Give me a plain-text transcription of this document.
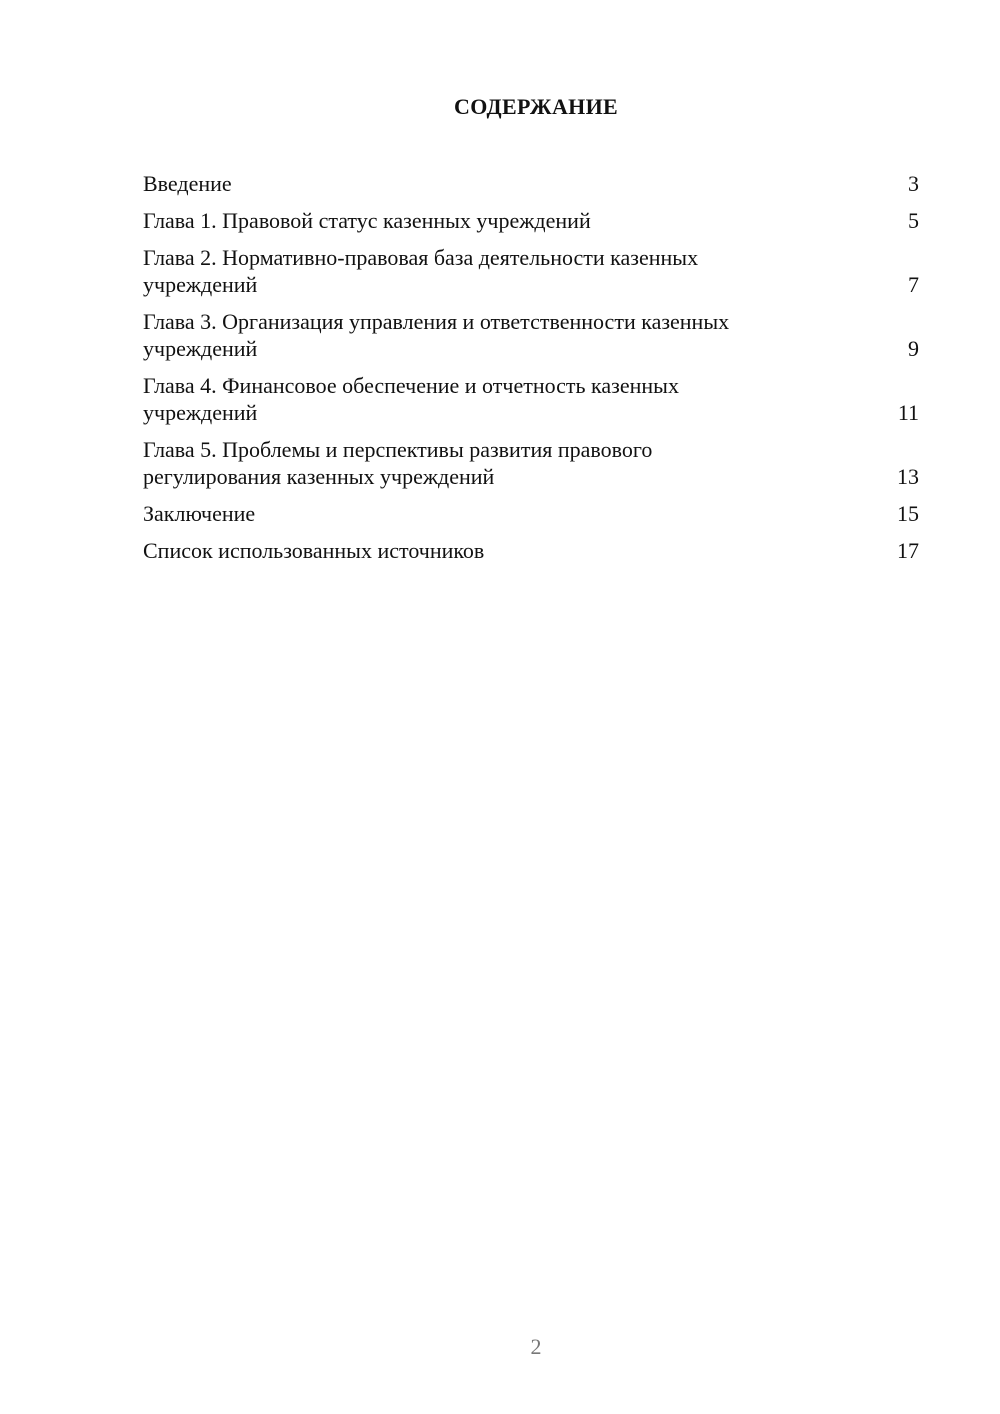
СОДЕРЖАНИЕ
Введение	3
Глава 1. Правовой статус казенных учреждений	5
Глава 2. Нормативно-правовая база деятельности казенных
учреждений	7
Глава 3. Организация управления и ответственности казенных
учреждений	9
Глава 4. Финансовое обеспечение и отчетность казенных
учреждений	11
Глава 5. Проблемы и перспективы развития правового
регулирования казенных учреждений	13
Заключение	15
Список использованных источников	17
2
